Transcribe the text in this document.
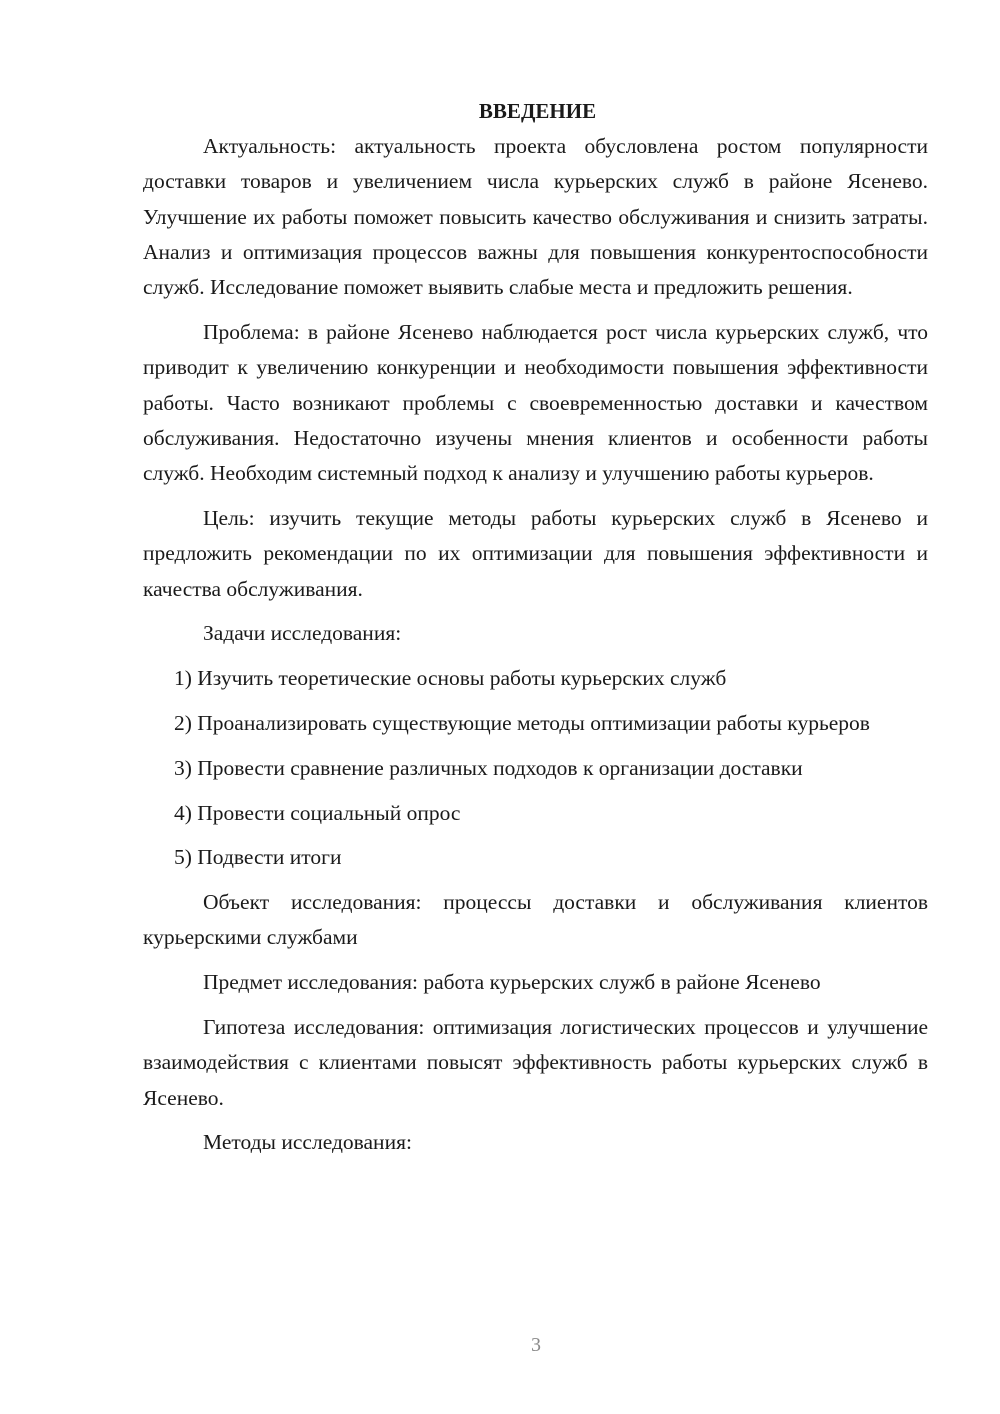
ВВЕДЕНИЕ

Актуальность: актуальность проекта обусловлена ростом популярности доставки товаров и увеличением числа курьерских служб в районе Ясенево. Улучшение их работы поможет повысить качество обслуживания и снизить затраты. Анализ и оптимизация процессов важны для повышения конкурентоспособности служб. Исследование поможет выявить слабые места и предложить решения.

Проблема: в районе Ясенево наблюдается рост числа курьерских служб, что приводит к увеличению конкуренции и необходимости повышения эффективности работы. Часто возникают проблемы с своевременностью доставки и качеством обслуживания. Недостаточно изучены мнения клиентов и особенности работы служб. Необходим системный подход к анализу и улучшению работы курьеров.

Цель: изучить текущие методы работы курьерских служб в Ясенево и предложить рекомендации по их оптимизации для повышения эффективности и качества обслуживания.

Задачи исследования:

1) Изучить теоретические основы работы курьерских служб

2) Проанализировать существующие методы оптимизации работы курьеров

3) Провести сравнение различных подходов к организации доставки

4) Провести социальный опрос

5) Подвести итоги

Объект исследования: процессы доставки и обслуживания клиентов курьерскими службами

Предмет исследования: работа курьерских служб в районе Ясенево

Гипотеза исследования: оптимизация логистических процессов и улучшение взаимодействия с клиентами повысят эффективность работы курьерских служб в Ясенево.

Методы исследования:

3
